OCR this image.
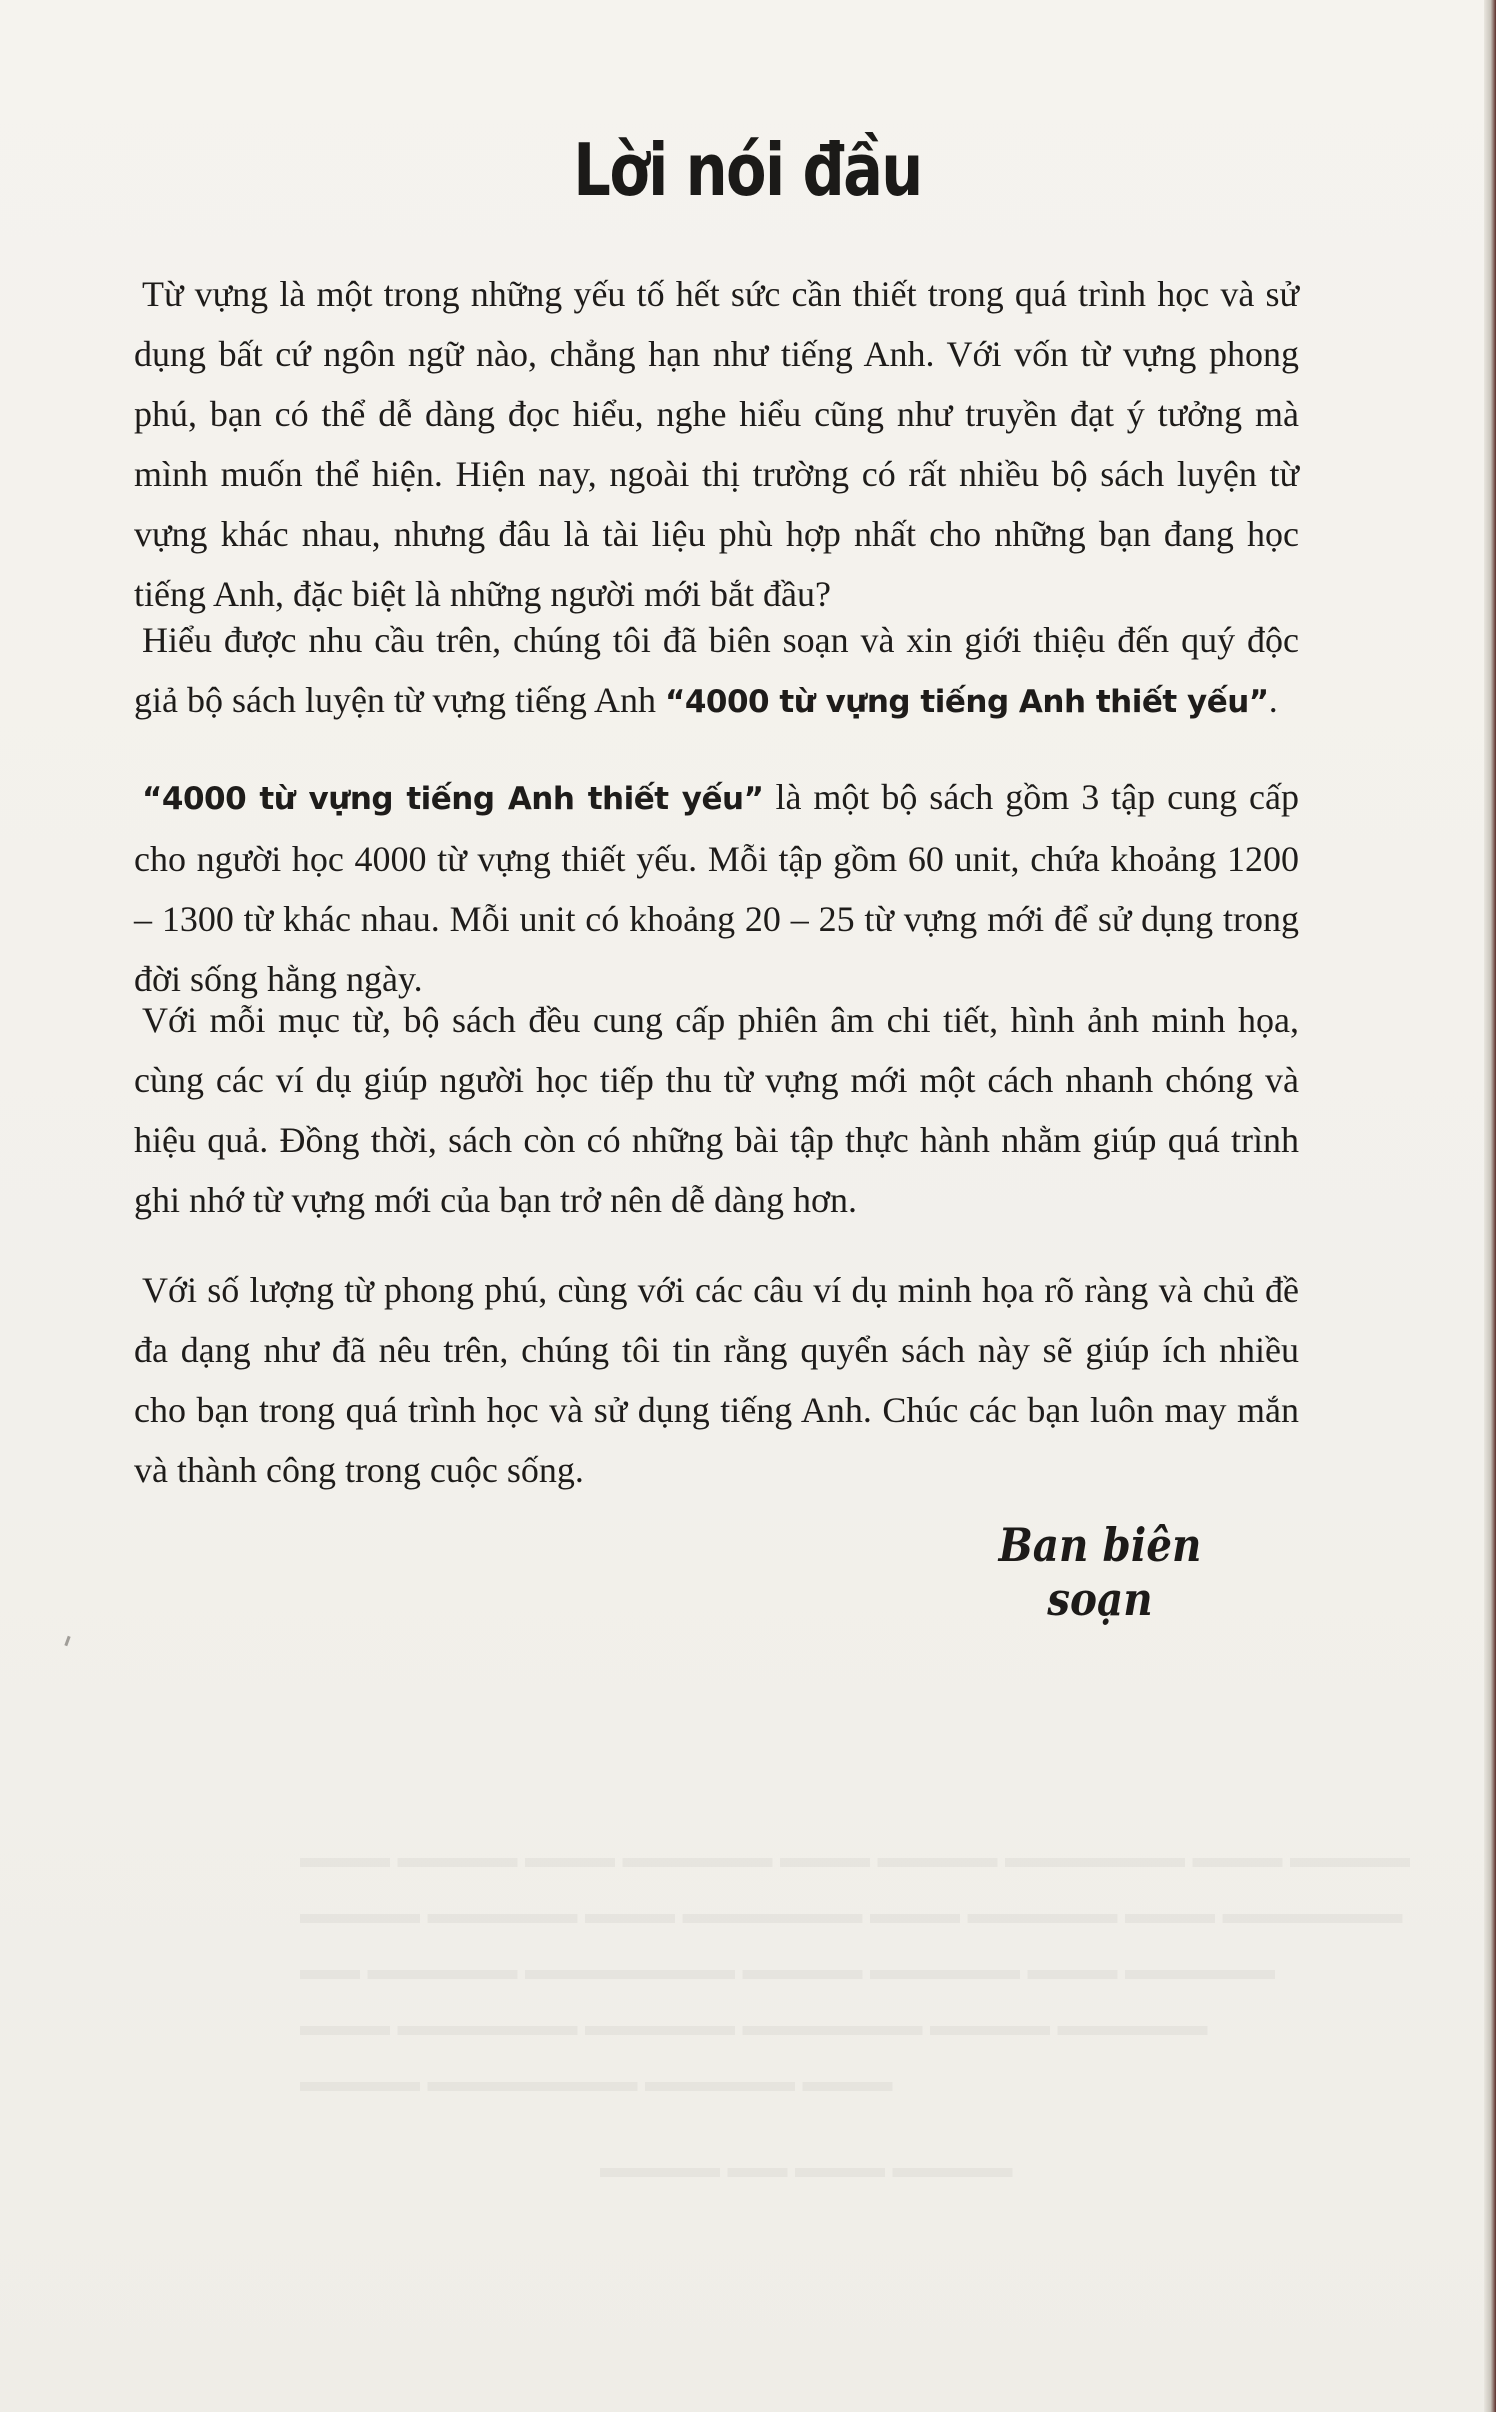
Lời nói đầu

Từ vựng là một trong những yếu tố hết sức cần thiết trong quá trình học và sử dụng bất cứ ngôn ngữ nào, chẳng hạn như tiếng Anh. Với vốn từ vựng phong phú, bạn có thể dễ dàng đọc hiểu, nghe hiểu cũng như truyền đạt ý tưởng mà mình muốn thể hiện. Hiện nay, ngoài thị trường có rất nhiều bộ sách luyện từ vựng khác nhau, nhưng đâu là tài liệu phù hợp nhất cho những bạn đang học tiếng Anh, đặc biệt là những người mới bắt đầu?

Hiểu được nhu cầu trên, chúng tôi đã biên soạn và xin giới thiệu đến quý độc giả bộ sách luyện từ vựng tiếng Anh “4000 từ vựng tiếng Anh thiết yếu”.

“4000 từ vựng tiếng Anh thiết yếu” là một bộ sách gồm 3 tập cung cấp cho người học 4000 từ vựng thiết yếu. Mỗi tập gồm 60 unit, chứa khoảng 1200 – 1300 từ khác nhau. Mỗi unit có khoảng 20 – 25 từ vựng mới để sử dụng trong đời sống hằng ngày.

Với mỗi mục từ, bộ sách đều cung cấp phiên âm chi tiết, hình ảnh minh họa, cùng các ví dụ giúp người học tiếp thu từ vựng mới một cách nhanh chóng và hiệu quả. Đồng thời, sách còn có những bài tập thực hành nhằm giúp quá trình ghi nhớ từ vựng mới của bạn trở nên dễ dàng hơn.

Với số lượng từ phong phú, cùng với các câu ví dụ minh họa rõ ràng và chủ đề đa dạng như đã nêu trên, chúng tôi tin rằng quyển sách này sẽ giúp ích nhiều cho bạn trong quá trình học và sử dụng tiếng Anh. Chúc các bạn luôn may mắn và thành công trong cuộc sống.

Ban biên soạn
